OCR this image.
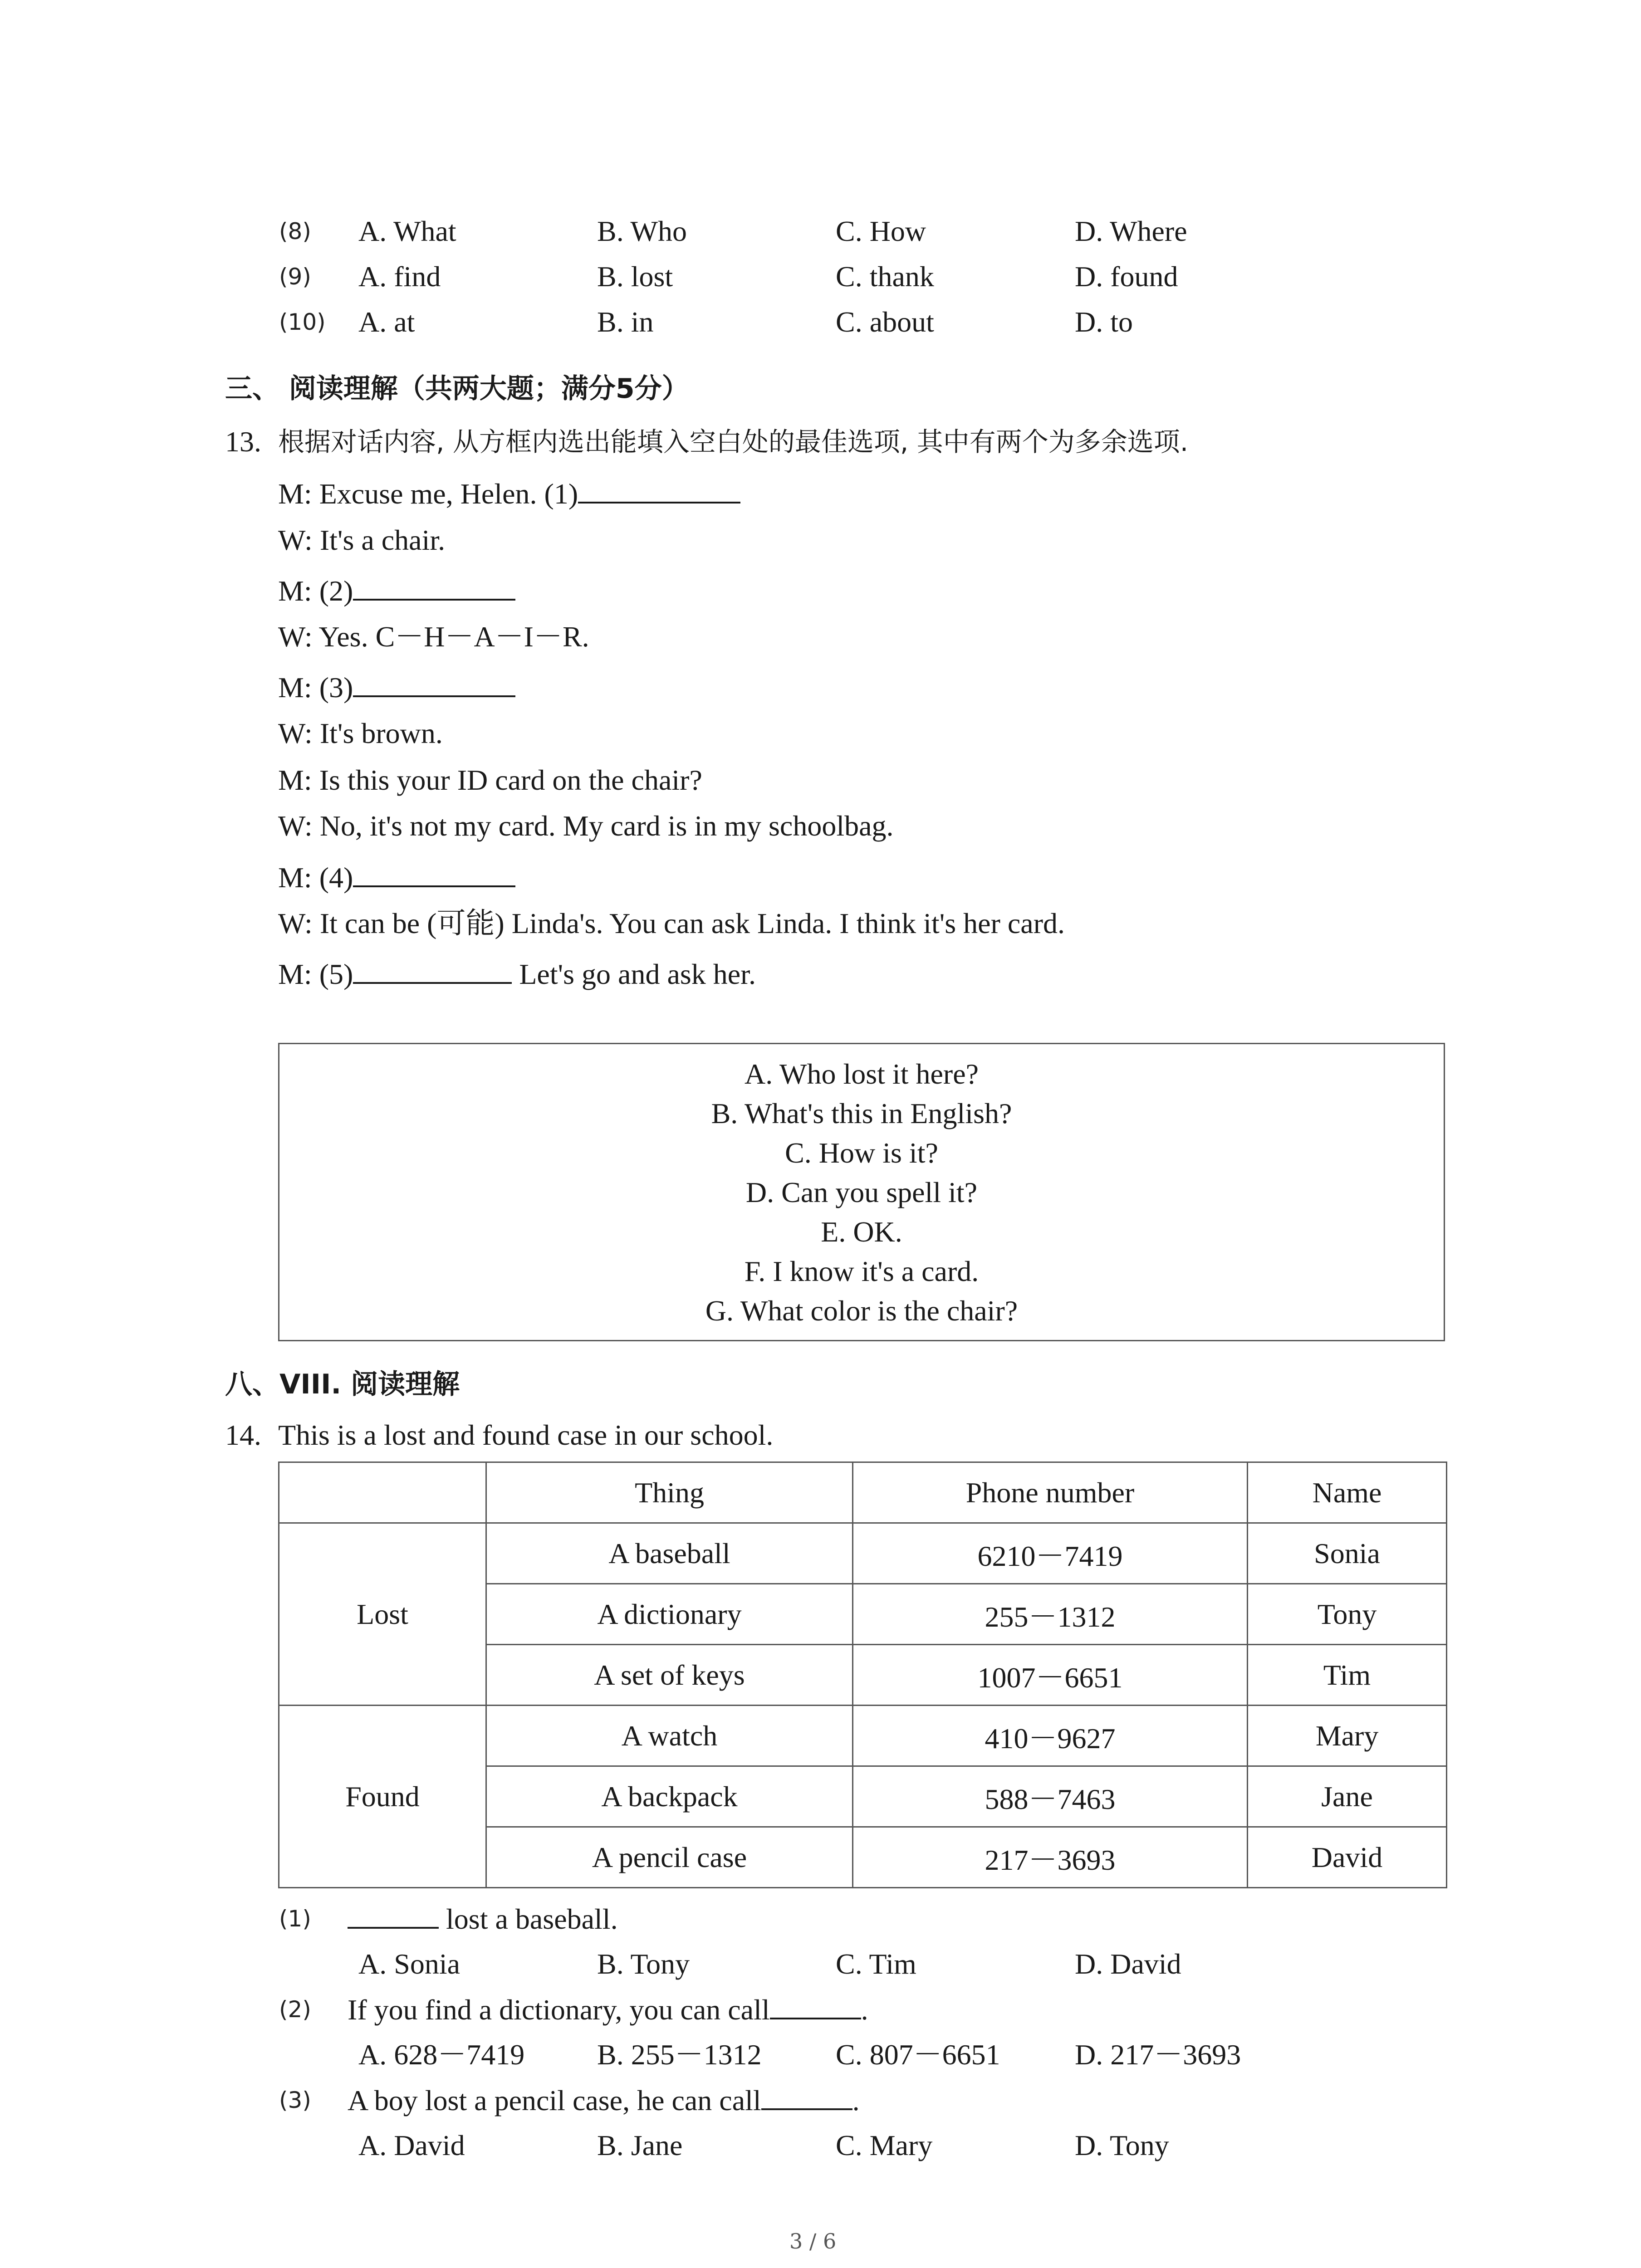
(8) A. What	B. Who	C. How	D. Where
(9) A. find	B. lost	C. thank	D. found
(10) A. at	B. in	C. about	D. to
三、 阅读理解（共两大题；满分5分）
13. 根据对话内容, 从方框内选出能填入空白处的最佳选项, 其中有两个为多余选项.
M: Excuse me, Helen. (1)
W: It's a chair.
M: (2)
W: Yes. C－H－A－I－R.
M: (3)
W: It's brown.
M: Is this your ID card on the chair?
W: No, it's not my card. My card is in my schoolbag.
M: (4)
W: It can be (可能) Linda's. You can ask Linda. I think it's her card.
M: (5)	Let's go and ask her.
A. Who lost it here?
B. What's this in English?
C. How is it?
D. Can you spell it?
E. OK.
F. I know it's a card.
G. What color is the chair?
八、VIII. 阅读理解
14. This is a lost and found case in our school.
	Thing	Phone number	Name
Lost	A baseball	6210－7419	Sonia
	A dictionary	255－1312	Tony
	A set of keys	1007－6651	Tim
Found	A watch	410－9627	Mary
	A backpack	588－7463	Jane
	A pencil case	217－3693	David
(1)	lost a baseball.
A. Sonia	B. Tony	C. Tim	D. David
(2) If you find a dictionary, you can call	.
A. 628－7419 B. 255－1312	C. 807－6651	D. 217－3693
(3) A boy lost a pencil case, he can call	.
A. David	B. Jane	C. Mary	D. Tony
3 / 6
